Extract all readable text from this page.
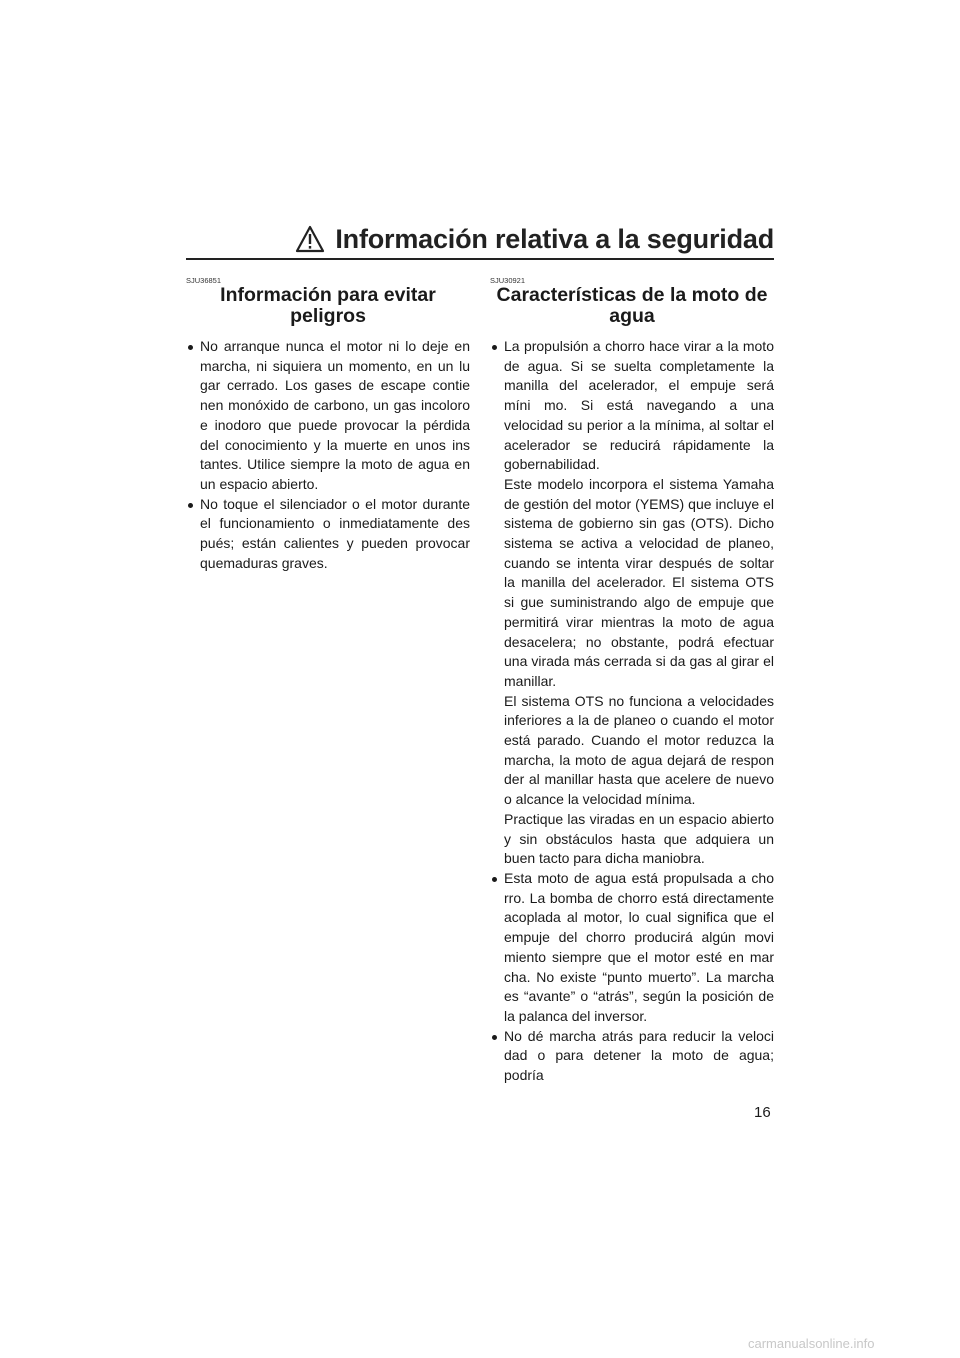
Información relativa a la seguridad
SJU36851
Información para evitar
peligros

No arranque nunca el motor ni lo deje en marcha, ni siquiera un momento, en un lu gar cerrado. Los gases de escape contie nen monóxido de carbono, un gas incoloro e inodoro que puede provocar la pérdida del conocimiento y la muerte en unos ins tantes. Utilice siempre la moto de agua en un espacio abierto.

No toque el silenciador o el motor durante el funcionamiento o inmediatamente des pués; están calientes y pueden provocar quemaduras graves.

SJU30921
Características de la moto de
agua

La propulsión a chorro hace virar a la moto de agua. Si se suelta completamente la manilla del acelerador, el empuje será míni mo. Si está navegando a una velocidad su perior a la mínima, al soltar el acelerador se reducirá rápidamente la gobernabilidad.

Este modelo incorpora el sistema Yamaha de gestión del motor (YEMS) que incluye el sistema de gobierno sin gas (OTS). Dicho sistema se activa a velocidad de planeo, cuando se intenta virar después de soltar la manilla del acelerador. El sistema OTS si gue suministrando algo de empuje que permitirá virar mientras la moto de agua desacelera; no obstante, podrá efectuar una virada más cerrada si da gas al girar el manillar.

El sistema OTS no funciona a velocidades inferiores a la de planeo o cuando el motor está parado. Cuando el motor reduzca la marcha, la moto de agua dejará de respon der al manillar hasta que acelere de nuevo o alcance la velocidad mínima.

Practique las viradas en un espacio abierto y sin obstáculos hasta que adquiera un buen tacto para dicha maniobra.

Esta moto de agua está propulsada a cho rro. La bomba de chorro está directamente acoplada al motor, lo cual significa que el empuje del chorro producirá algún movi miento siempre que el motor esté en mar cha. No existe “punto muerto”. La marcha es “avante” o “atrás”, según la posición de la palanca del inversor.

No dé marcha atrás para reducir la veloci dad o para detener la moto de agua; podría

16
carmanualsonline.info
